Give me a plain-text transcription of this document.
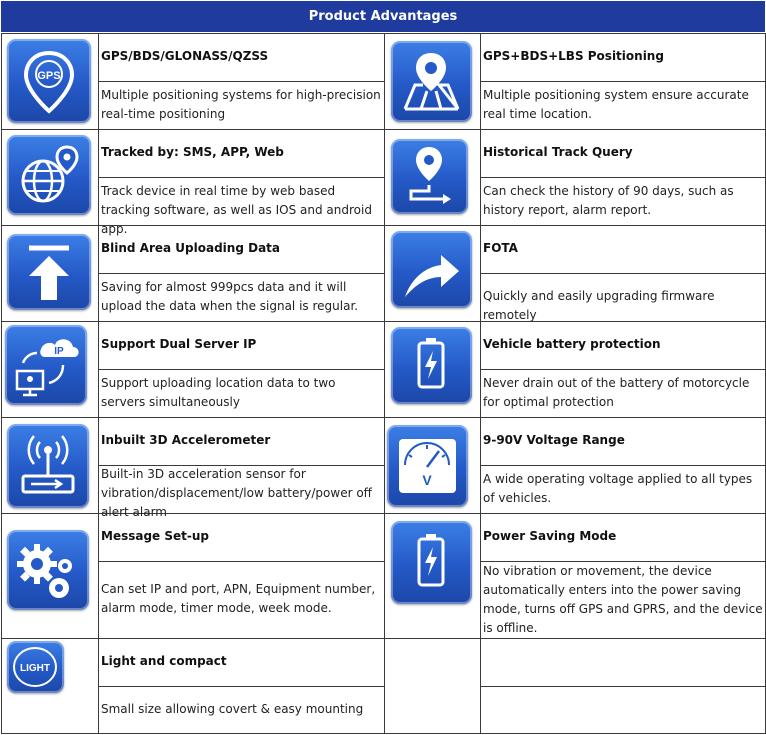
Product Advantages
GPS
GPS/BDS/GLONASS/QZSS
Multiple positioning systems for high-precision real-time positioning
GPS+BDS+LBS Positioning
Multiple positioning system ensure accurate real time location.
Tracked by: SMS, APP, Web
Track device in real time by web based tracking software, as well as IOS and android app.
Historical Track Query
Can check the history of 90 days, such as history report, alarm report.
Blind Area Uploading Data
Saving for almost 999pcs data and it will upload the data when the signal is regular.
FOTA
Quickly and easily upgrading firmware remotely
IP
Support Dual Server IP
Support uploading location data to two servers simultaneously
Vehicle battery protection
Never drain out of the battery of motorcycle for optimal protection
Inbuilt 3D Accelerometer
Built-in 3D acceleration sensor for vibration/displacement/low battery/power off alert alarm
V
9-90V Voltage Range
A wide operating voltage applied to all types of vehicles.
Message Set-up
Can set IP and port, APN, Equipment number, alarm mode, timer mode, week mode.
Power Saving Mode
No vibration or movement, the device automatically enters into the power saving mode, turns off GPS and GPRS, and the device is offline.
LIGHT
Light and compact
Small size allowing covert & easy mounting
